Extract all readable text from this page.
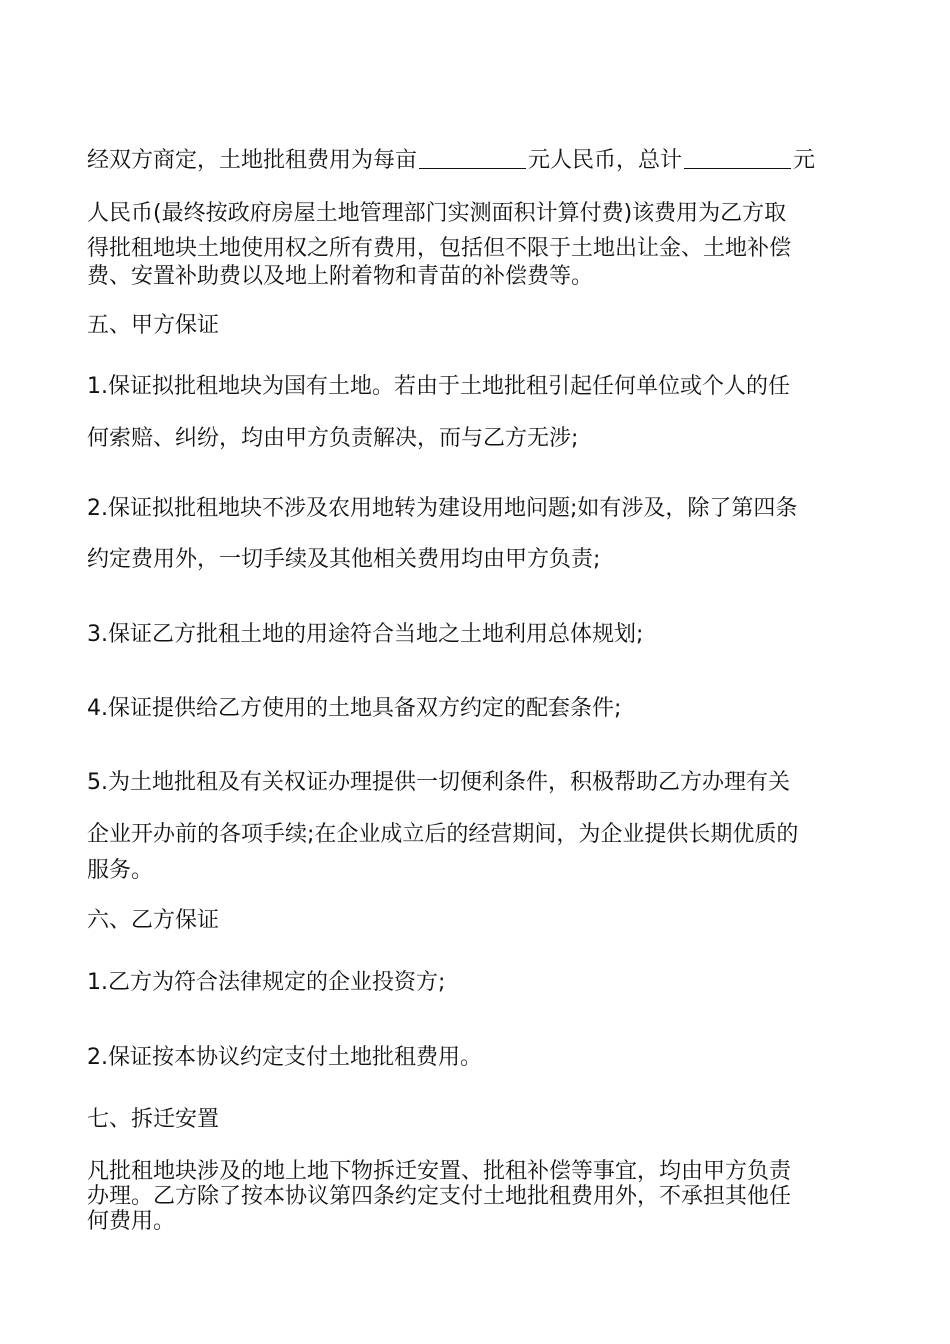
经双方商定，土地批租费用为每亩	元人民币，总计	元
人民币(最终按政府房屋土地管理部门实测面积计算付费)该费用为乙方取
得批租地块土地使用权之所有费用，包括但不限于土地出让金、土地补偿
费、安置补助费以及地上附着物和青苗的补偿费等。
五、甲方保证
1.保证拟批租地块为国有土地。若由于土地批租引起任何单位或个人的任
何索赔、纠纷，均由甲方负责解决，而与乙方无涉;
2.保证拟批租地块不涉及农用地转为建设用地问题;如有涉及，除了第四条
约定费用外，一切手续及其他相关费用均由甲方负责;
3.保证乙方批租土地的用途符合当地之土地利用总体规划;
4.保证提供给乙方使用的土地具备双方约定的配套条件;
5.为土地批租及有关权证办理提供一切便利条件，积极帮助乙方办理有关
企业开办前的各项手续;在企业成立后的经营期间，为企业提供长期优质的
服务。
六、乙方保证
1.乙方为符合法律规定的企业投资方;
2.保证按本协议约定支付土地批租费用。
七、拆迁安置
凡批租地块涉及的地上地下物拆迁安置、批租补偿等事宜，均由甲方负责
办理。乙方除了按本协议第四条约定支付土地批租费用外，不承担其他任
何费用。
